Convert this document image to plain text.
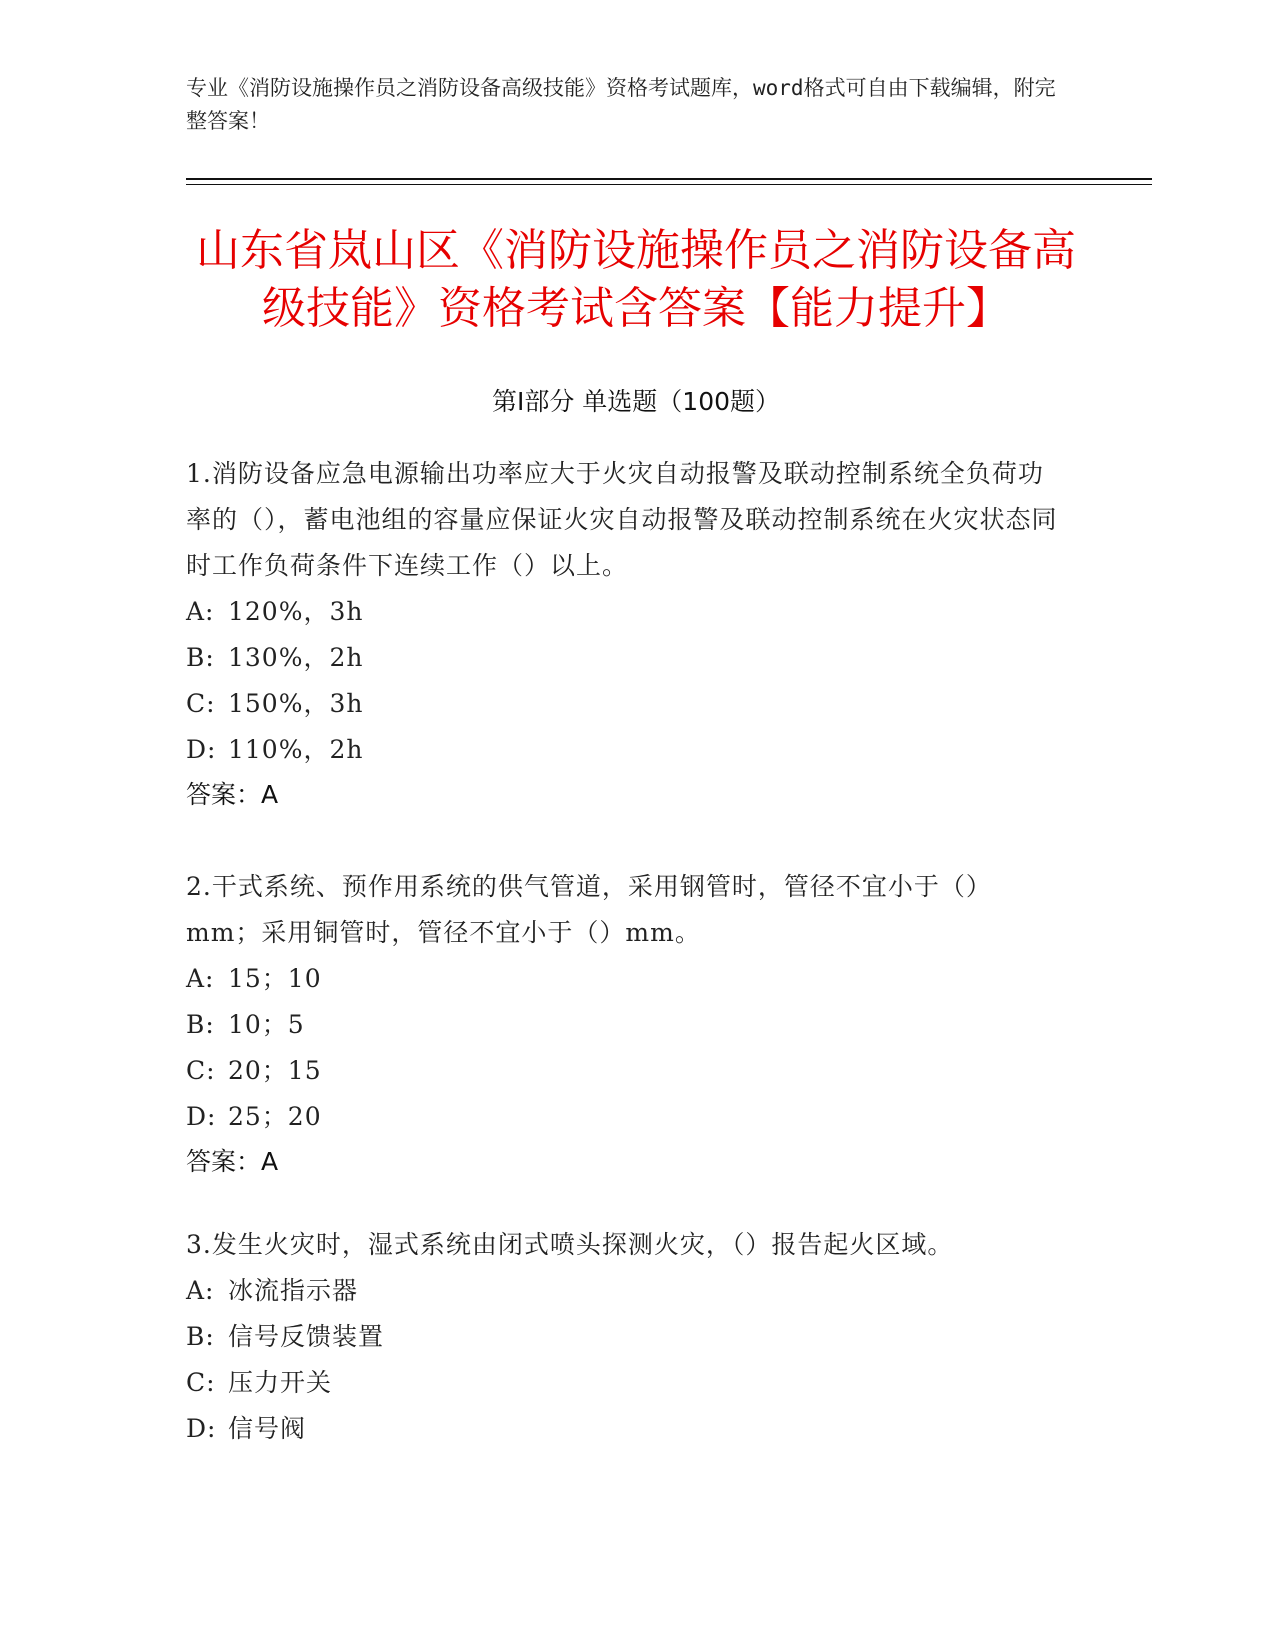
专业《消防设施操作员之消防设备高级技能》资格考试题库，word格式可自由下载编辑，附完整答案！
山东省岚山区《消防设施操作员之消防设备高级技能》资格考试含答案【能力提升】
第Ⅰ部分 单选题（100题）

1.消防设备应急电源输出功率应大于火灾自动报警及联动控制系统全负荷功率的（），蓄电池组的容量应保证火灾自动报警及联动控制系统在火灾状态同时工作负荷条件下连续工作（）以上。

A: 120%，3h
B: 130%，2h
C: 150%，3h
D: 110%，2h
答案：A

2.干式系统、预作用系统的供气管道，采用钢管时，管径不宜小于（）mm；采用铜管时，管径不宜小于（）mm。

A: 15；10
B: 10；5
C: 20；15
D: 25；20
答案：A

3.发生火灾时，湿式系统由闭式喷头探测火灾，（）报告起火区域。

A: 冰流指示器
B: 信号反馈装置
C: 压力开关
D: 信号阀
